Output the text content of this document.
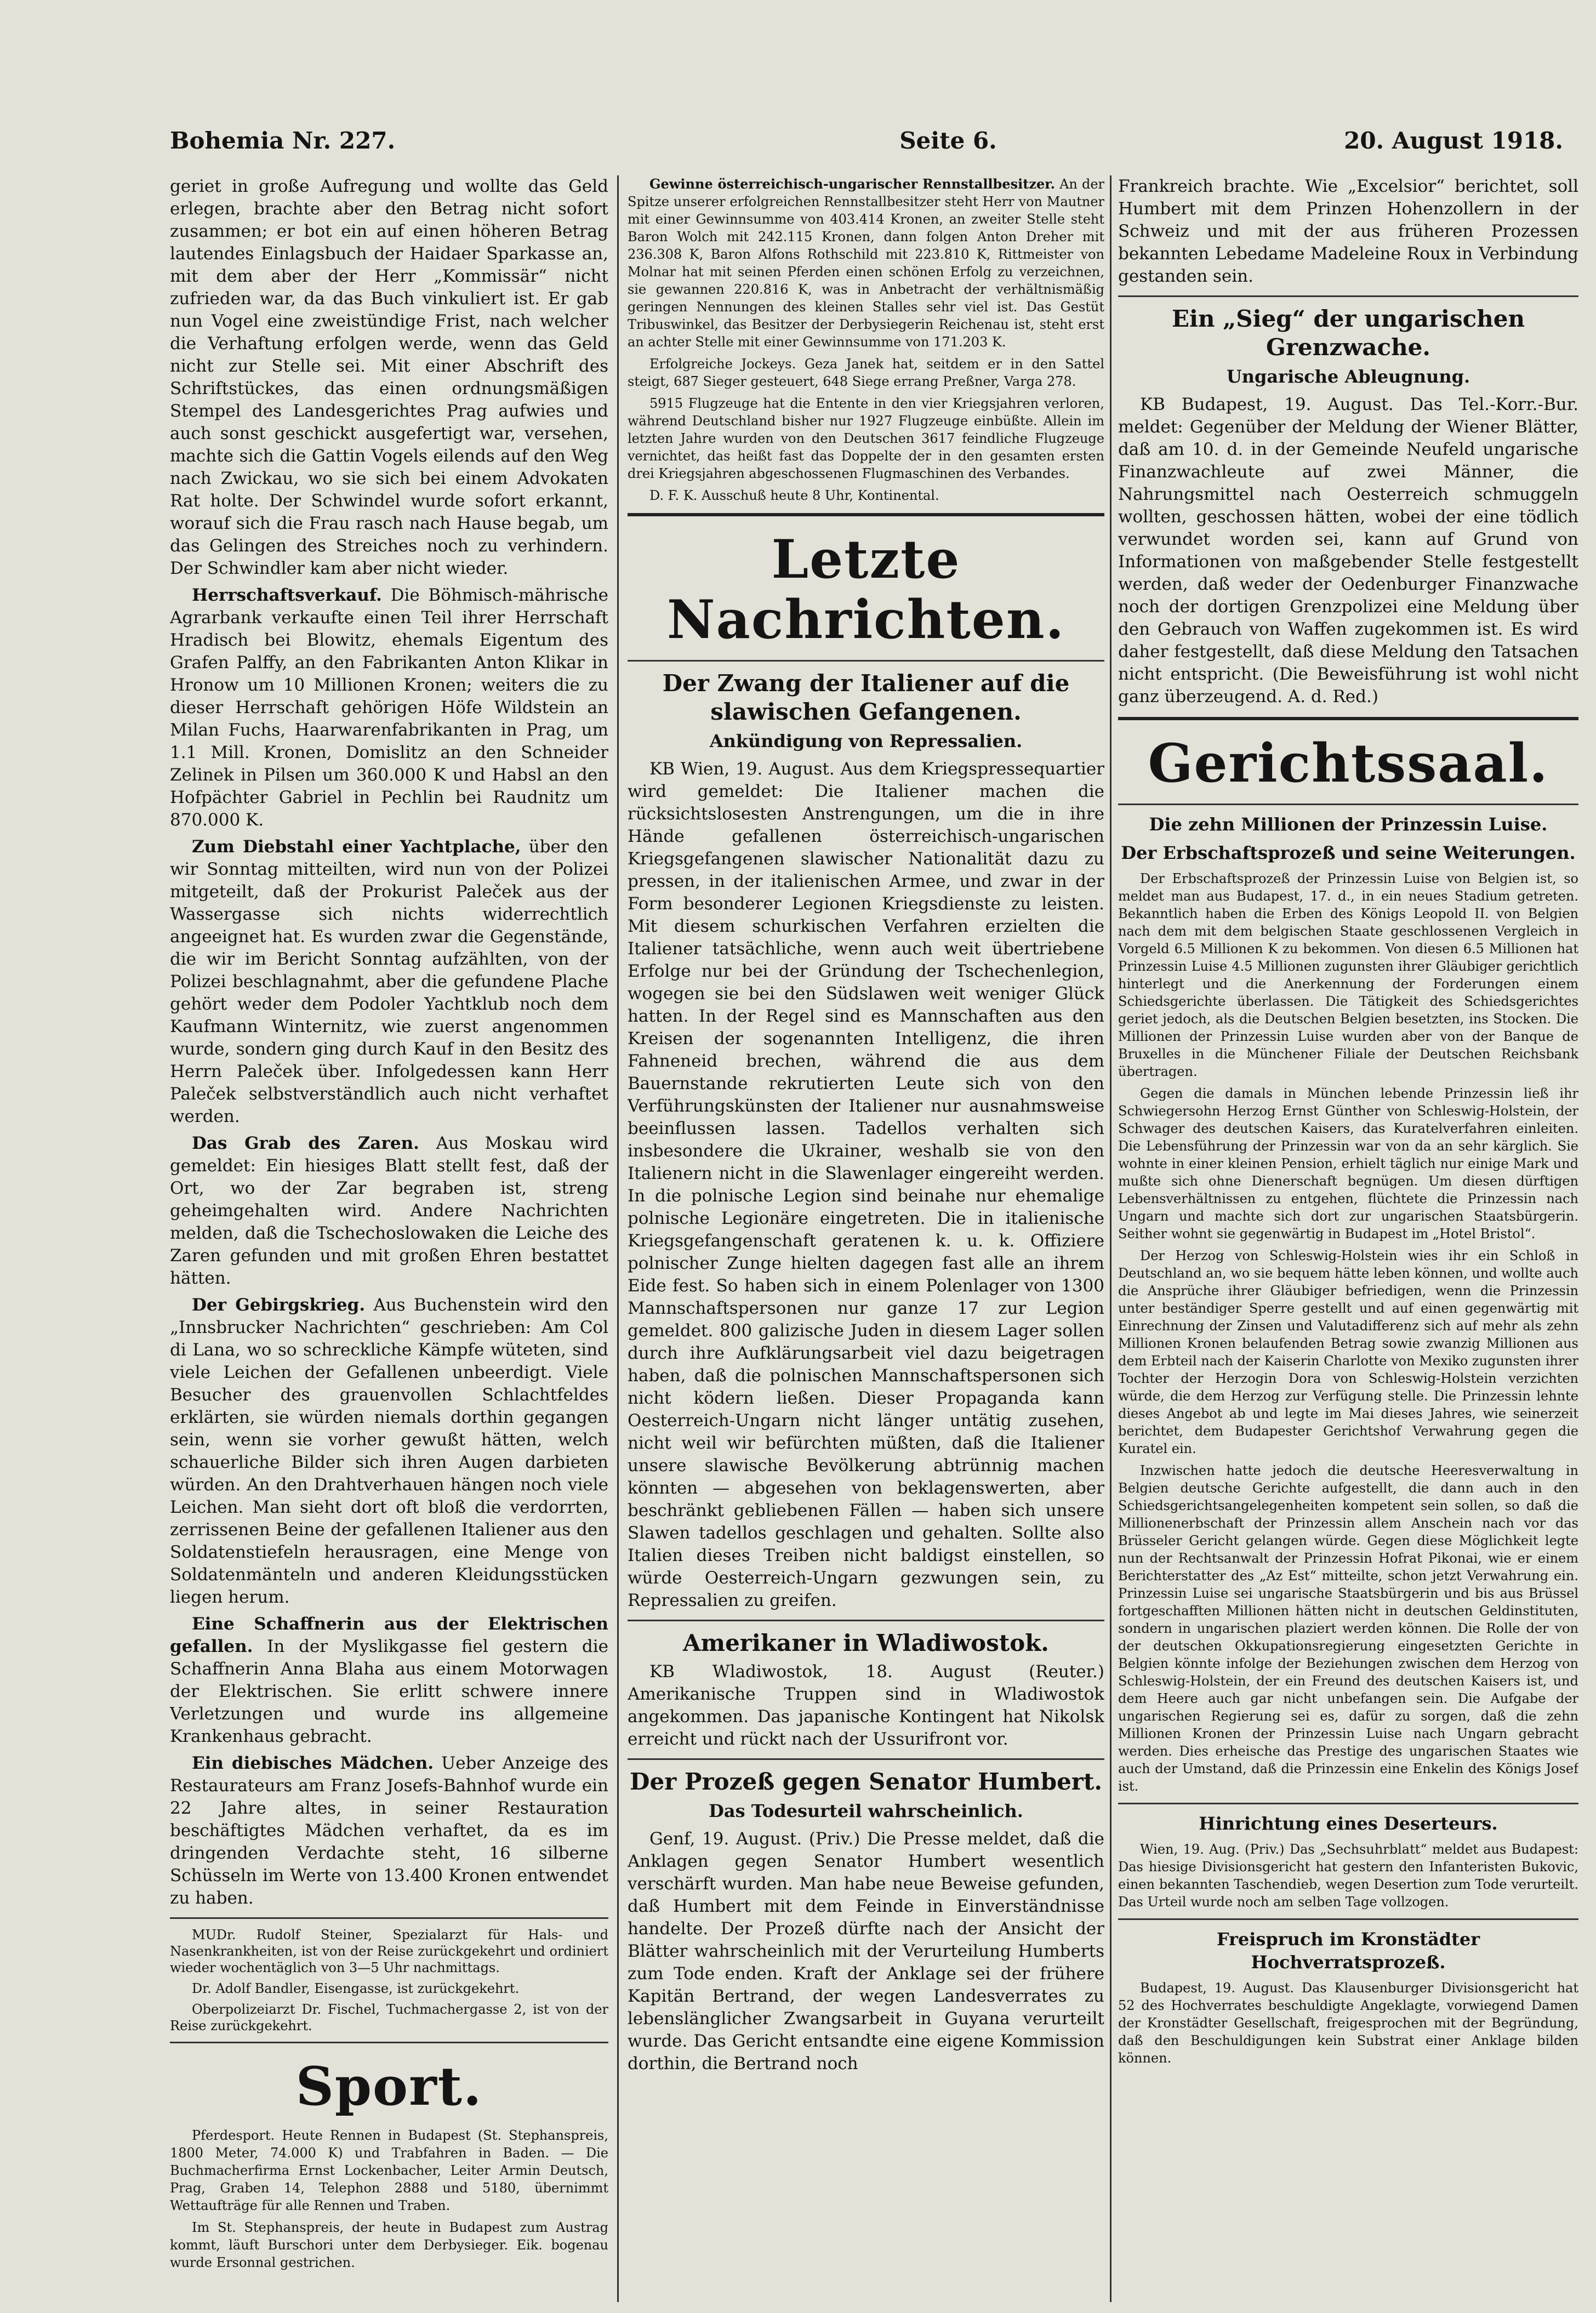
Bohemia Nr. 227.	Seite 6.	20. August 1918.

geriet in große Aufregung und wollte das Geld erlegen, brachte aber den Betrag nicht sofort zusammen; er bot ein auf einen höheren Betrag lautendes Einlagsbuch der Haidaer Sparkasse an, mit dem aber der Herr „Kommissär“ nicht zufrieden war, da das Buch vinkuliert ist. Er gab nun Vogel eine zweistündige Frist, nach welcher die Verhaftung erfolgen werde, wenn das Geld nicht zur Stelle sei. Mit einer Abschrift des Schriftstückes, das einen ordnungsmäßigen Stempel des Landesgerichtes Prag aufwies und auch sonst geschickt ausgefertigt war, versehen, machte sich die Gattin Vogels eilends auf den Weg nach Zwickau, wo sie sich bei einem Advokaten Rat holte. Der Schwindel wurde sofort erkannt, worauf sich die Frau rasch nach Hause begab, um das Gelingen des Streiches noch zu verhindern. Der Schwindler kam aber nicht wieder.

Herrschaftsverkauf. Die Böhmisch-mährische Agrarbank verkaufte einen Teil ihrer Herrschaft Hradisch bei Blowitz, ehemals Eigentum des Grafen Palffy, an den Fabrikanten Anton Klikar in Hronow um 10 Millionen Kronen; weiters die zu dieser Herrschaft gehörigen Höfe Wildstein an Milan Fuchs, Haarwarenfabrikanten in Prag, um 1.1 Mill. Kronen, Domislitz an den Schneider Zelinek in Pilsen um 360.000 K und Habsl an den Hofpächter Gabriel in Pechlin bei Raudnitz um 870.000 K.

Zum Diebstahl einer Yachtplache, über den wir Sonntag mitteilten, wird nun von der Polizei mitgeteilt, daß der Prokurist Paleček aus der Wassergasse sich nichts widerrechtlich angeeignet hat. Es wurden zwar die Gegenstände, die wir im Bericht Sonntag aufzählten, von der Polizei beschlagnahmt, aber die gefundene Plache gehört weder dem Podoler Yachtklub noch dem Kaufmann Winternitz, wie zuerst angenommen wurde, sondern ging durch Kauf in den Besitz des Herrn Paleček über. Infolgedessen kann Herr Paleček selbstverständlich auch nicht verhaftet werden.

Das Grab des Zaren. Aus Moskau wird gemeldet: Ein hiesiges Blatt stellt fest, daß der Ort, wo der Zar begraben ist, streng geheimgehalten wird. Andere Nachrichten melden, daß die Tschechoslowaken die Leiche des Zaren gefunden und mit großen Ehren bestattet hätten.

Der Gebirgskrieg. Aus Buchenstein wird den „Innsbrucker Nachrichten“ geschrieben: Am Col di Lana, wo so schreckliche Kämpfe wüteten, sind viele Leichen der Gefallenen unbeerdigt. Viele Besucher des grauenvollen Schlachtfeldes erklärten, sie würden niemals dorthin gegangen sein, wenn sie vorher gewußt hätten, welch schauerliche Bilder sich ihren Augen darbieten würden. An den Drahtverhauen hängen noch viele Leichen. Man sieht dort oft bloß die verdorrten, zerrissenen Beine der gefallenen Italiener aus den Soldatenstiefeln herausragen, eine Menge von Soldatenmänteln und anderen Kleidungsstücken liegen herum.

Eine Schaffnerin aus der Elektrischen gefallen. In der Myslikgasse fiel gestern die Schaffnerin Anna Blaha aus einem Motorwagen der Elektrischen. Sie erlitt schwere innere Verletzungen und wurde ins allgemeine Krankenhaus gebracht.

Ein diebisches Mädchen. Ueber Anzeige des Restaurateurs am Franz Josefs-Bahnhof wurde ein 22 Jahre altes, in seiner Restauration beschäftigtes Mädchen verhaftet, da es im dringenden Verdachte steht, 16 silberne Schüsseln im Werte von 13.400 Kronen entwendet zu haben.

MUDr. Rudolf Steiner, Spezialarzt für Hals- und Nasenkrankheiten, ist von der Reise zurückgekehrt und ordiniert wieder wochentäglich von 3—5 Uhr nachmittags.

Dr. Adolf Bandler, Eisengasse, ist zurückgekehrt.

Oberpolizeiarzt Dr. Fischel, Tuchmachergasse 2, ist von der Reise zurückgekehrt.

Sport.

Pferdesport. Heute Rennen in Budapest (St. Stephanspreis, 1800 Meter, 74.000 K) und Trabfahren in Baden. — Die Buchmacherfirma Ernst Lockenbacher, Leiter Armin Deutsch, Prag, Graben 14, Telephon 2888 und 5180, übernimmt Wettaufträge für alle Rennen und Traben.

Im St. Stephanspreis, der heute in Budapest zum Austrag kommt, läuft Burschori unter dem Derbysieger. Eik. bogenau wurde Ersonnal gestrichen.

Gewinne österreichisch-ungarischer Rennstallbesitzer. An der Spitze unserer erfolgreichen Rennstallbesitzer steht Herr von Mautner mit einer Gewinnsumme von 403.414 Kronen, an zweiter Stelle steht Baron Wolch mit 242.115 Kronen, dann folgen Anton Dreher mit 236.308 K, Baron Alfons Rothschild mit 223.810 K, Rittmeister von Molnar hat mit seinen Pferden einen schönen Erfolg zu verzeichnen, sie gewannen 220.816 K, was in Anbetracht der verhältnismäßig geringen Nennungen des kleinen Stalles sehr viel ist. Das Gestüt Tribuswinkel, das Besitzer der Derbysiegerin Reichenau ist, steht erst an achter Stelle mit einer Gewinnsumme von 171.203 K.

Erfolgreiche Jockeys. Geza Janek hat, seitdem er in den Sattel steigt, 687 Sieger gesteuert, 648 Siege errang Preßner, Varga 278.

5915 Flugzeuge hat die Entente in den vier Kriegsjahren verloren, während Deutschland bisher nur 1927 Flugzeuge einbüßte. Allein im letzten Jahre wurden von den Deutschen 3617 feindliche Flugzeuge vernichtet, das heißt fast das Doppelte der in den gesamten ersten drei Kriegsjahren abgeschossenen Flugmaschinen des Verbandes.

D. F. K. Ausschuß heute 8 Uhr, Kontinental.

Letzte Nachrichten.
Der Zwang der Italiener auf die slawischen Gefangenen.
Ankündigung von Repressalien.

KB Wien, 19. August. Aus dem Kriegspressequartier wird gemeldet: Die Italiener machen die rücksichtslosesten Anstrengungen, um die in ihre Hände gefallenen österreichisch-ungarischen Kriegsgefangenen slawischer Nationalität dazu zu pressen, in der italienischen Armee, und zwar in der Form besonderer Legionen Kriegsdienste zu leisten. Mit diesem schurkischen Verfahren erzielten die Italiener tatsächliche, wenn auch weit übertriebene Erfolge nur bei der Gründung der Tschechenlegion, wogegen sie bei den Südslawen weit weniger Glück hatten. In der Regel sind es Mannschaften aus den Kreisen der sogenannten Intelligenz, die ihren Fahneneid brechen, während die aus dem Bauernstande rekrutierten Leute sich von den Verführungskünsten der Italiener nur ausnahmsweise beeinflussen lassen. Tadellos verhalten sich insbesondere die Ukrainer, weshalb sie von den Italienern nicht in die Slawenlager eingereiht werden. In die polnische Legion sind beinahe nur ehemalige polnische Legionäre eingetreten. Die in italienische Kriegsgefangenschaft geratenen k. u. k. Offiziere polnischer Zunge hielten dagegen fast alle an ihrem Eide fest. So haben sich in einem Polenlager von 1300 Mannschaftspersonen nur ganze 17 zur Legion gemeldet. 800 galizische Juden in diesem Lager sollen durch ihre Aufklärungsarbeit viel dazu beigetragen haben, daß die polnischen Mannschaftspersonen sich nicht ködern ließen. Dieser Propaganda kann Oesterreich-Ungarn nicht länger untätig zusehen, nicht weil wir befürchten müßten, daß die Italiener unsere slawische Bevölkerung abtrünnig machen könnten — abgesehen von beklagenswerten, aber beschränkt gebliebenen Fällen — haben sich unsere Slawen tadellos geschlagen und gehalten. Sollte also Italien dieses Treiben nicht baldigst einstellen, so würde Oesterreich-Ungarn gezwungen sein, zu Repressalien zu greifen.

Amerikaner in Wladiwostok.

KB Wladiwostok, 18. August (Reuter.) Amerikanische Truppen sind in Wladiwostok angekommen. Das japanische Kontingent hat Nikolsk erreicht und rückt nach der Ussurifront vor.

Der Prozeß gegen Senator Humbert.
Das Todesurteil wahrscheinlich.

Genf, 19. August. (Priv.) Die Presse meldet, daß die Anklagen gegen Senator Humbert wesentlich verschärft wurden. Man habe neue Beweise gefunden, daß Humbert mit dem Feinde in Einverständnisse handelte. Der Prozeß dürfte nach der Ansicht der Blätter wahrscheinlich mit der Verurteilung Humberts zum Tode enden. Kraft der Anklage sei der frühere Kapitän Bertrand, der wegen Landesverrates zu lebenslänglicher Zwangsarbeit in Guyana verurteilt wurde. Das Gericht entsandte eine eigene Kommission dorthin, die Bertrand noch

Frankreich brachte. Wie „Excelsior“ berichtet, soll Humbert mit dem Prinzen Hohenzollern in der Schweiz und mit der aus früheren Prozessen bekannten Lebedame Madeleine Roux in Verbindung gestanden sein.

Ein „Sieg“ der ungarischen Grenzwache.
Ungarische Ableugnung.

KB Budapest, 19. August. Das Tel.-Korr.-Bur. meldet: Gegenüber der Meldung der Wiener Blätter, daß am 10. d. in der Gemeinde Neufeld ungarische Finanzwachleute auf zwei Männer, die Nahrungsmittel nach Oesterreich schmuggeln wollten, geschossen hätten, wobei der eine tödlich verwundet worden sei, kann auf Grund von Informationen von maßgebender Stelle festgestellt werden, daß weder der Oedenburger Finanzwache noch der dortigen Grenzpolizei eine Meldung über den Gebrauch von Waffen zugekommen ist. Es wird daher festgestellt, daß diese Meldung den Tatsachen nicht entspricht. (Die Beweisführung ist wohl nicht ganz überzeugend. A. d. Red.)

Gerichtssaal.
Die zehn Millionen der Prinzessin Luise.
Der Erbschaftsprozeß und seine Weiterungen.

Der Erbschaftsprozeß der Prinzessin Luise von Belgien ist, so meldet man aus Budapest, 17. d., in ein neues Stadium getreten. Bekanntlich haben die Erben des Königs Leopold II. von Belgien nach dem mit dem belgischen Staate geschlossenen Vergleich in Vorgeld 6.5 Millionen K zu bekommen. Von diesen 6.5 Millionen hat Prinzessin Luise 4.5 Millionen zugunsten ihrer Gläubiger gerichtlich hinterlegt und die Anerkennung der Forderungen einem Schiedsgerichte überlassen. Die Tätigkeit des Schiedsgerichtes geriet jedoch, als die Deutschen Belgien besetzten, ins Stocken. Die Millionen der Prinzessin Luise wurden aber von der Banque de Bruxelles in die Münchener Filiale der Deutschen Reichsbank übertragen.

Gegen die damals in München lebende Prinzessin ließ ihr Schwiegersohn Herzog Ernst Günther von Schleswig-Holstein, der Schwager des deutschen Kaisers, das Kuratelverfahren einleiten. Die Lebensführung der Prinzessin war von da an sehr kärglich. Sie wohnte in einer kleinen Pension, erhielt täglich nur einige Mark und mußte sich ohne Dienerschaft begnügen. Um diesen dürftigen Lebensverhältnissen zu entgehen, flüchtete die Prinzessin nach Ungarn und machte sich dort zur ungarischen Staatsbürgerin. Seither wohnt sie gegenwärtig in Budapest im „Hotel Bristol“.

Der Herzog von Schleswig-Holstein wies ihr ein Schloß in Deutschland an, wo sie bequem hätte leben können, und wollte auch die Ansprüche ihrer Gläubiger befriedigen, wenn die Prinzessin unter beständiger Sperre gestellt und auf einen gegenwärtig mit Einrechnung der Zinsen und Valutadifferenz sich auf mehr als zehn Millionen Kronen belaufenden Betrag sowie zwanzig Millionen aus dem Erbteil nach der Kaiserin Charlotte von Mexiko zugunsten ihrer Tochter der Herzogin Dora von Schleswig-Holstein verzichten würde, die dem Herzog zur Verfügung stelle. Die Prinzessin lehnte dieses Angebot ab und legte im Mai dieses Jahres, wie seinerzeit berichtet, dem Budapester Gerichtshof Verwahrung gegen die Kuratel ein.

Inzwischen hatte jedoch die deutsche Heeresverwaltung in Belgien deutsche Gerichte aufgestellt, die dann auch in den Schiedsgerichtsangelegenheiten kompetent sein sollen, so daß die Millionenerbschaft der Prinzessin allem Anschein nach vor das Brüsseler Gericht gelangen würde. Gegen diese Möglichkeit legte nun der Rechtsanwalt der Prinzessin Hofrat Pikonai, wie er einem Berichterstatter des „Az Est“ mitteilte, schon jetzt Verwahrung ein. Prinzessin Luise sei ungarische Staatsbürgerin und bis aus Brüssel fortgeschafften Millionen hätten nicht in deutschen Geldinstituten, sondern in ungarischen plaziert werden können. Die Rolle der von der deutschen Okkupationsregierung eingesetzten Gerichte in Belgien könnte infolge der Beziehungen zwischen dem Herzog von Schleswig-Holstein, der ein Freund des deutschen Kaisers ist, und dem Heere auch gar nicht unbefangen sein. Die Aufgabe der ungarischen Regierung sei es, dafür zu sorgen, daß die zehn Millionen Kronen der Prinzessin Luise nach Ungarn gebracht werden. Dies erheische das Prestige des ungarischen Staates wie auch der Umstand, daß die Prinzessin eine Enkelin des Königs Josef ist.

Hinrichtung eines Deserteurs.

Wien, 19. Aug. (Priv.) Das „Sechsuhrblatt“ meldet aus Budapest: Das hiesige Divisionsgericht hat gestern den Infanteristen Bukovic, einen bekannten Taschendieb, wegen Desertion zum Tode verurteilt. Das Urteil wurde noch am selben Tage vollzogen.

Freispruch im Kronstädter Hochverratsprozeß.

Budapest, 19. August. Das Klausenburger Divisionsgericht hat 52 des Hochverrates beschuldigte Angeklagte, vorwiegend Damen der Kronstädter Gesellschaft, freigesprochen mit der Begründung, daß den Beschuldigungen kein Substrat einer Anklage bilden können.
